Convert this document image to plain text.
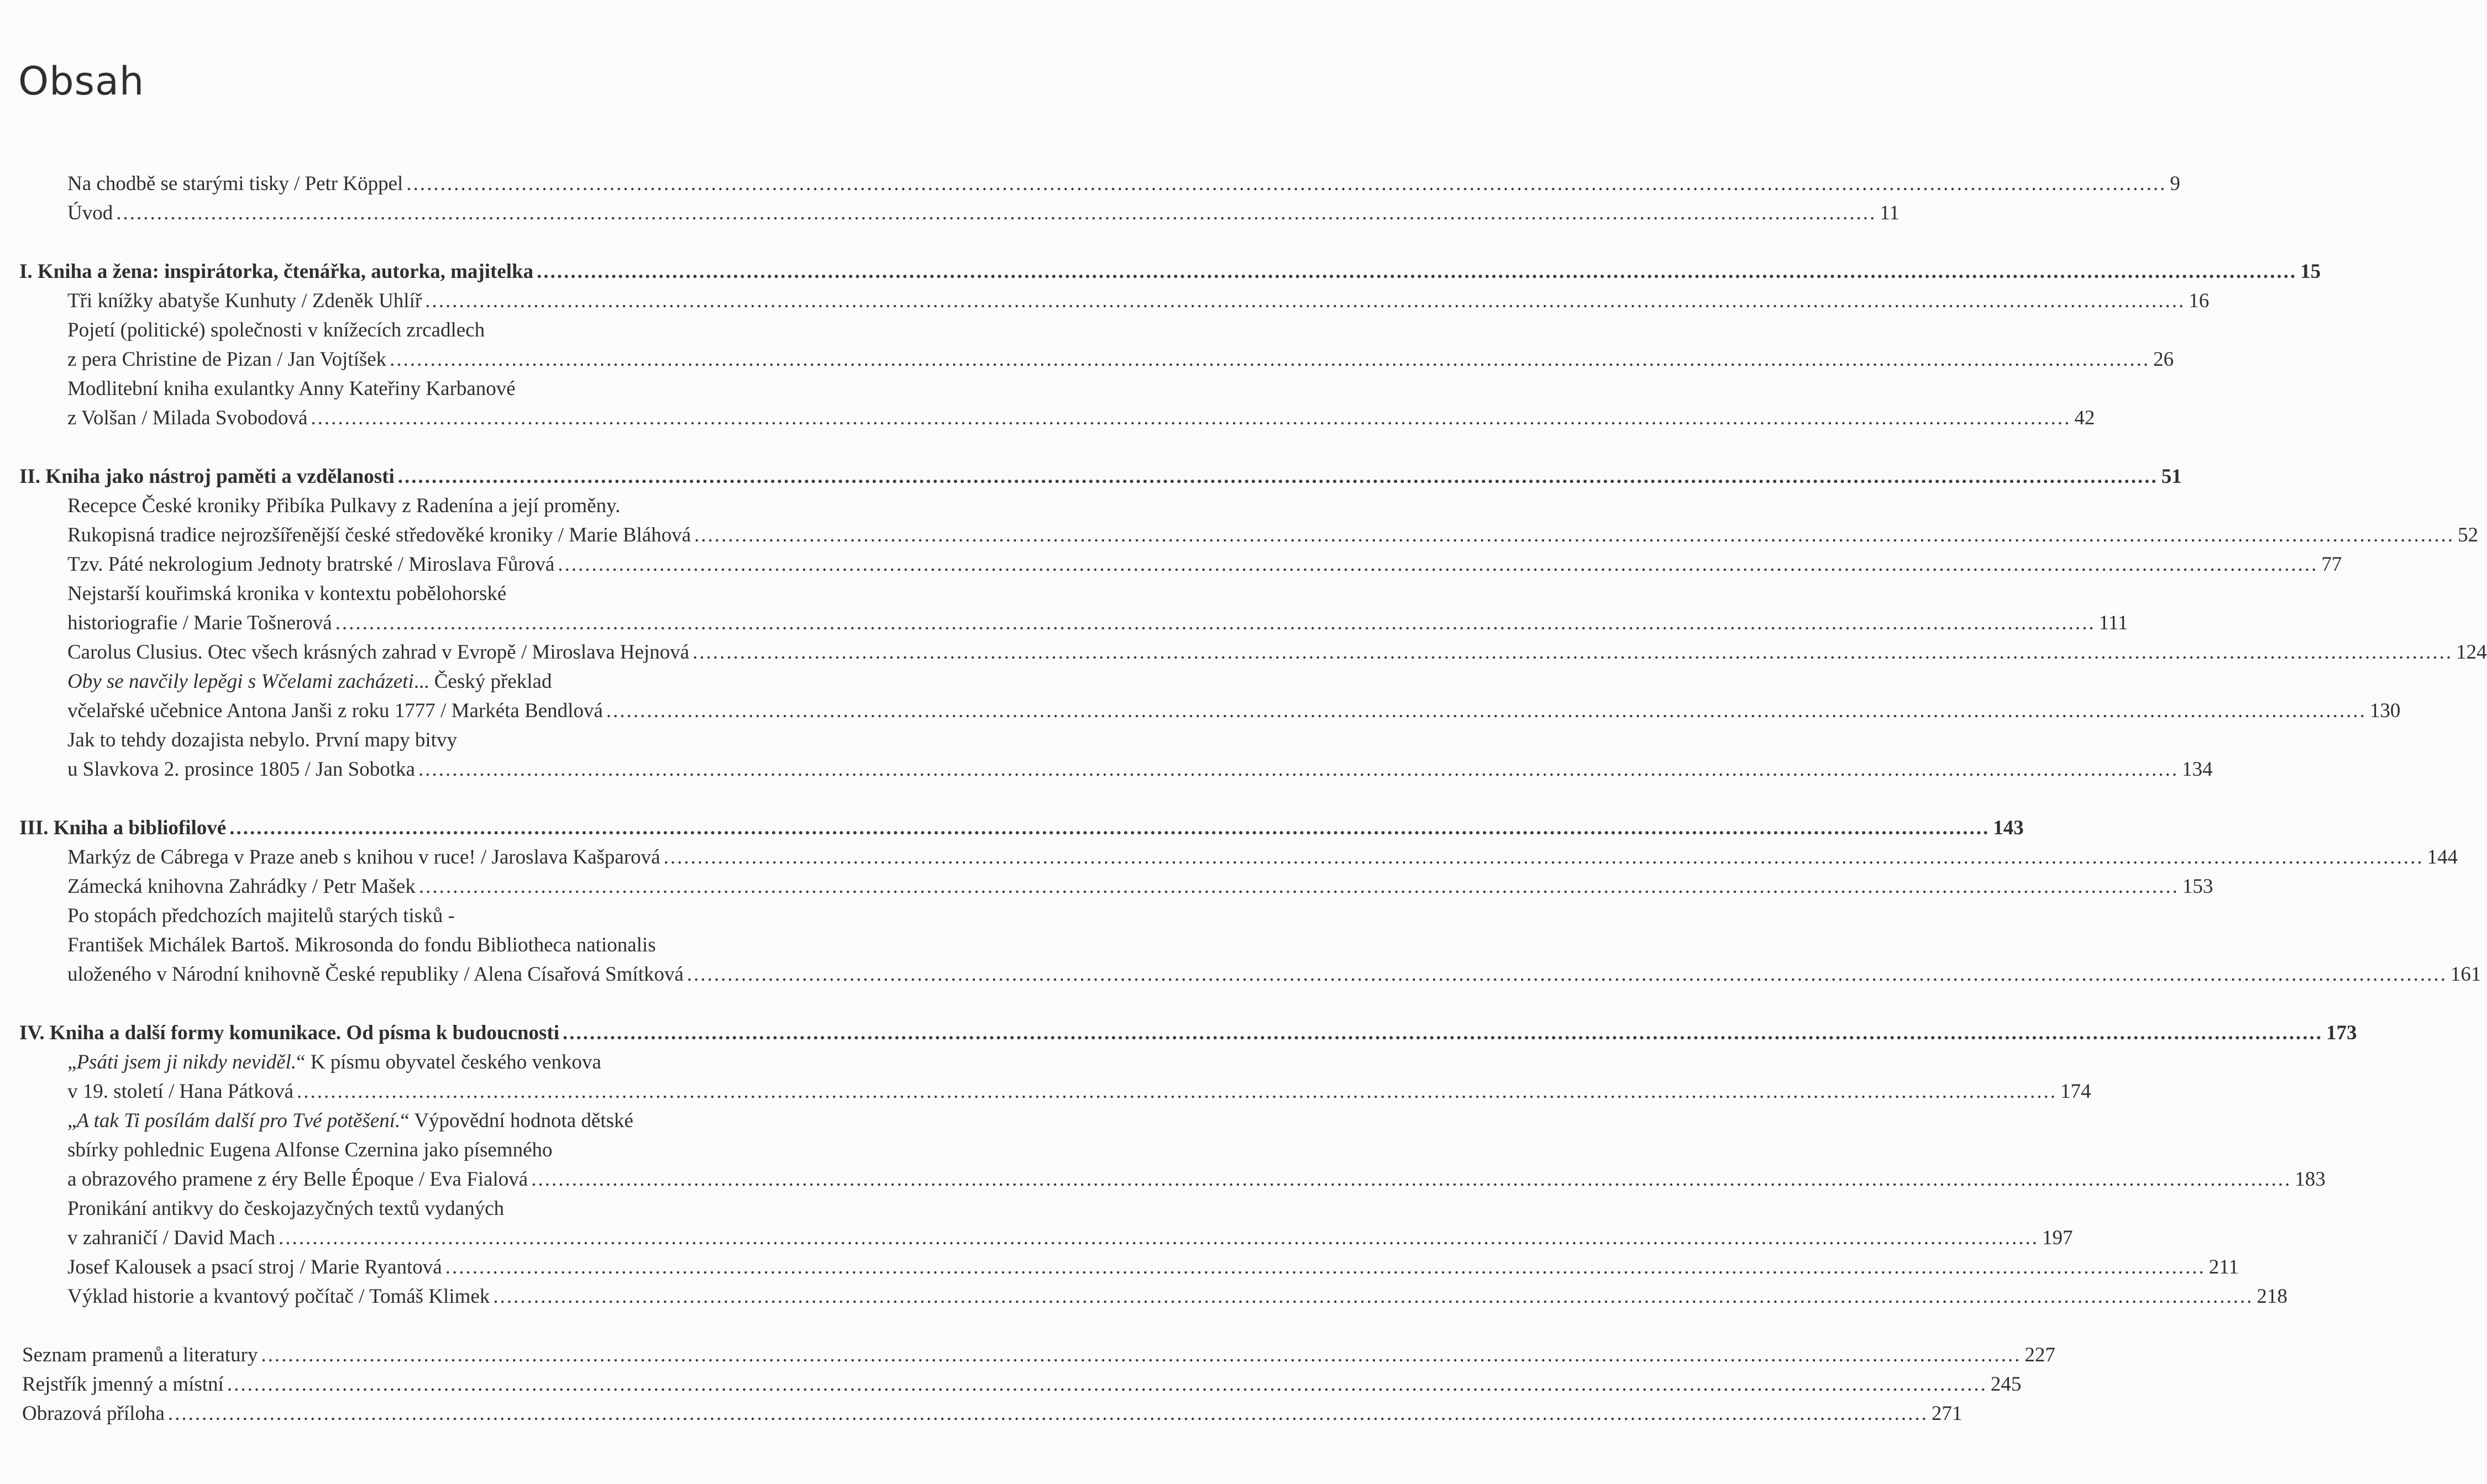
Obsah
Na chodbě se starými tisky / Petr Köppel
.....	9
Úvod
.....	11
I. Kniha a žena: inspirátorka, čtenářka, autorka, majitelka
.....	15
Tři knížky abatyše Kunhuty / Zdeněk Uhlíř
.....	16
Pojetí (politické) společnosti v knížecích zrcadlech
z pera Christine de Pizan / Jan Vojtíšek
.....	26
Modlitební kniha exulantky Anny Kateřiny Karbanové
z Volšan / Milada Svobodová
.....	42
II. Kniha jako nástroj paměti a vzdělanosti
.....	51
Recepce České kroniky Přibíka Pulkavy z Radenína a její proměny.
Rukopisná tradice nejrozšířenější české středověké kroniky / Marie Bláhová
.....	52
Tzv. Páté nekrologium Jednoty bratrské / Miroslava Fůrová
.....	77
Nejstarší kouřimská kronika v kontextu pobělohorské
historiografie / Marie Tošnerová
.....	111
Carolus Clusius. Otec všech krásných zahrad v Evropě / Miroslava Hejnová
.....	124
Oby se navčily lepěgi s Wčelami zacházeti... Český překlad
včelařské učebnice Antona Janši z roku 1777 / Markéta Bendlová
.....	130
Jak to tehdy dozajista nebylo. První mapy bitvy
u Slavkova 2. prosince 1805 / Jan Sobotka
.....	134
III. Kniha a bibliofilové
.....	143
Markýz de Cábrega v Praze aneb s knihou v ruce! / Jaroslava Kašparová
.....	144
Zámecká knihovna Zahrádky / Petr Mašek
.....	153
Po stopách předchozích majitelů starých tisků -
František Michálek Bartoš. Mikrosonda do fondu Bibliotheca nationalis
uloženého v Národní knihovně České republiky / Alena Císařová Smítková
.....	161
IV. Kniha a další formy komunikace. Od písma k budoucnosti
.....	173
„Psáti jsem ji nikdy neviděl.“ K písmu obyvatel českého venkova
v 19. století / Hana Pátková
.....	174
„A tak Ti posílám další pro Tvé potěšení.“ Výpovědní hodnota dětské
sbírky pohlednic Eugena Alfonse Czernina jako písemného
a obrazového pramene z éry Belle Époque / Eva Fialová
.....	183
Pronikání antikvy do českojazyčných textů vydaných
v zahraničí / David Mach
.....	197
Josef Kalousek a psací stroj / Marie Ryantová
.....	211
Výklad historie a kvantový počítač / Tomáš Klimek
.....	218
Seznam pramenů a literatury
.....	227
Rejstřík jmenný a místní
.....	245
Obrazová příloha
.....	271
